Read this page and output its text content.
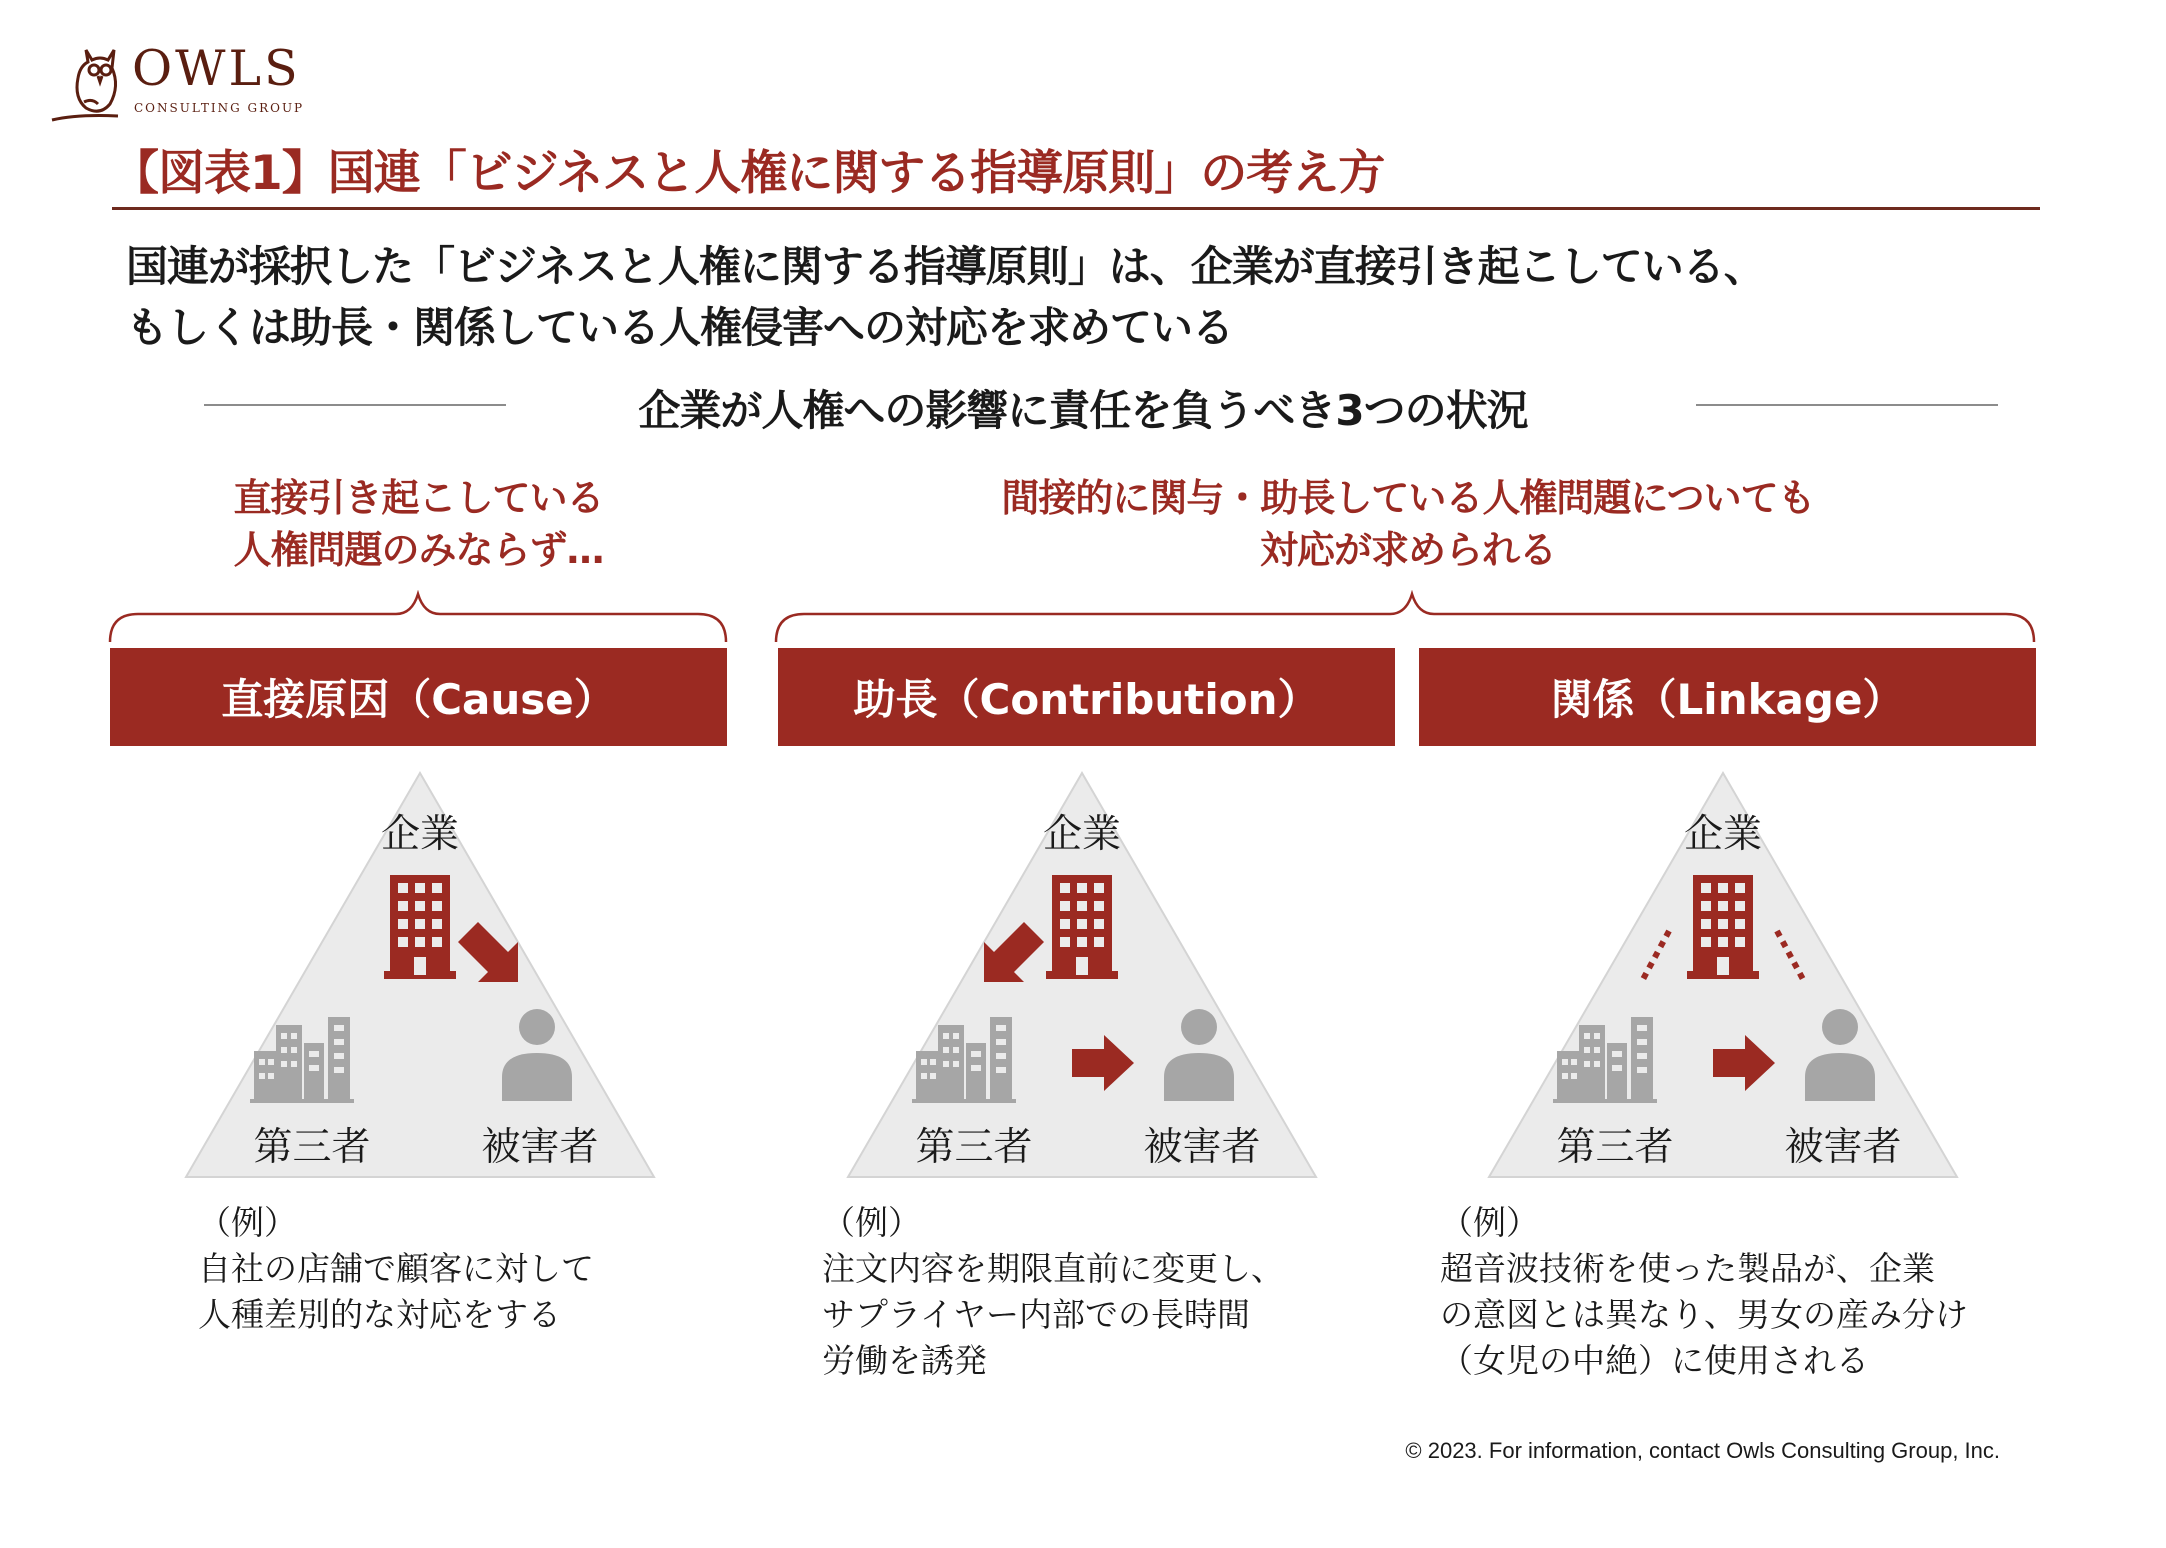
OWLS
CONSULTING GROUP
【図表1】国連「ビジネスと人権に関する指導原則」の考え方
国連が採択した「ビジネスと人権に関する指導原則」は、企業が直接引き起こしている、
もしくは助長・関係している人権侵害への対応を求めている
企業が人権への影響に責任を負うべき3つの状況
直接引き起こしている
人権問題のみならず…
間接的に関与・助長している人権問題についても
対応が求められる
直接原因（Cause）	助長（Contribution）	関係（Linkage）
企業
第三者	被害者
企業
第三者	被害者
企業
第三者	被害者
（例）
自社の店舗で顧客に対して
人種差別的な対応をする
（例）
注文内容を期限直前に変更し、
サプライヤー内部での長時間
労働を誘発
（例）
超音波技術を使った製品が、企業
の意図とは異なり、男女の産み分け
（女児の中絶）に使用される
© 2023. For information, contact Owls Consulting Group, Inc.
